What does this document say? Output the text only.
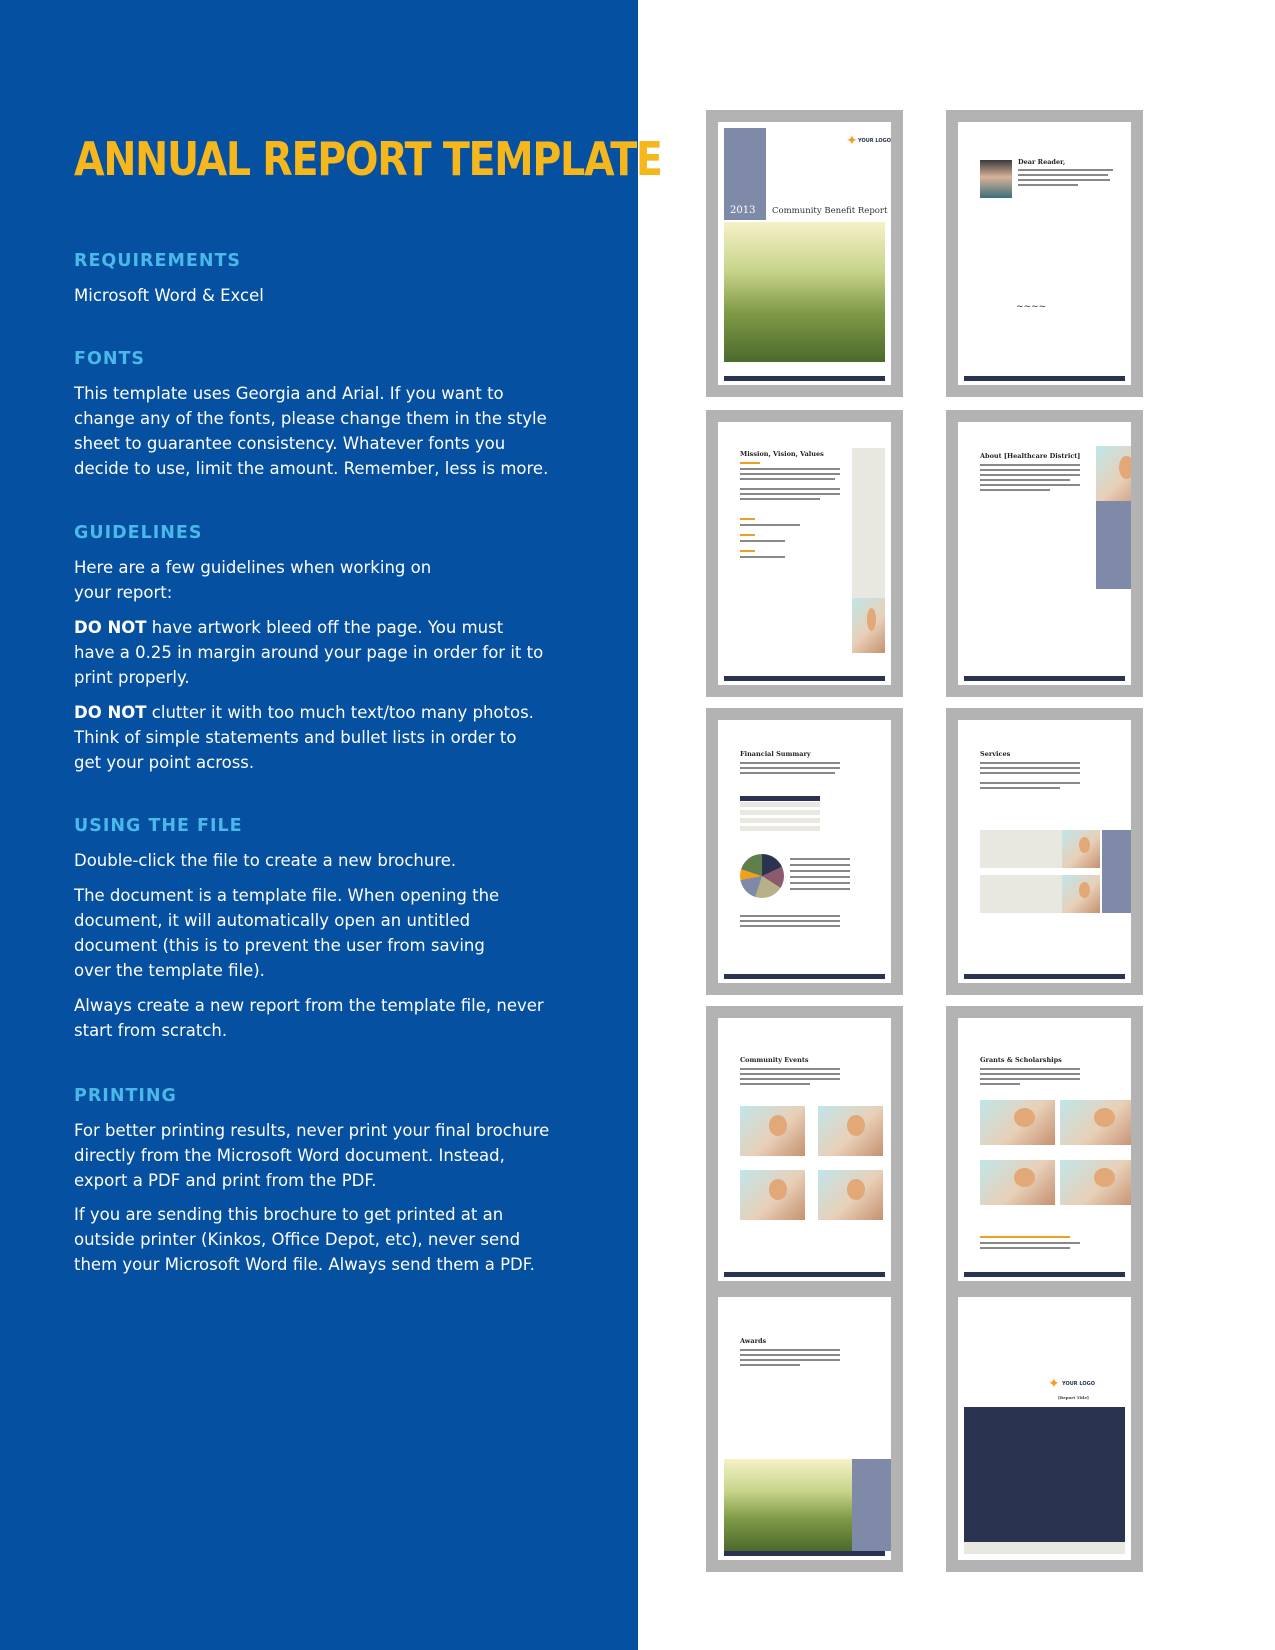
ANNUAL REPORT TEMPLATE
REQUIREMENTS
Microsoft Word & Excel
FONTS
This template uses Georgia and Arial. If you want to change any of the fonts, please change them in the style sheet to guarantee consistency. Whatever fonts you decide to use, limit the amount. Remember, less is more.
GUIDELINES
Here are a few guidelines when working on your report:
DO NOT have artwork bleed off the page. You must have a 0.25 in margin around your page in order for it to print properly.
DO NOT clutter it with too much text/too many photos. Think of simple statements and bullet lists in order to get your point across.
USING THE FILE
Double-click the file to create a new brochure.
The document is a template file. When opening the document, it will automatically open an untitled document (this is to prevent the user from saving over the template file).
Always create a new report from the template file, never start from scratch.
PRINTING
For better printing results, never print your final brochure directly from the Microsoft Word document. Instead, export a PDF and print from the PDF.
If you are sending this brochure to get printed at an outside printer (Kinkos, Office Depot, etc), never send them your Microsoft Word file. Always send them a PDF.
2013	Community Benefit Report
YOUR LOGO
✦
Dear Reader,
~~~~
Mission, Vision, Values	About [Healthcare District]
Financial Summary	Services
Community Events	Grants & Scholarships
Awards
✦ YOUR LOGO
[Report Title]
